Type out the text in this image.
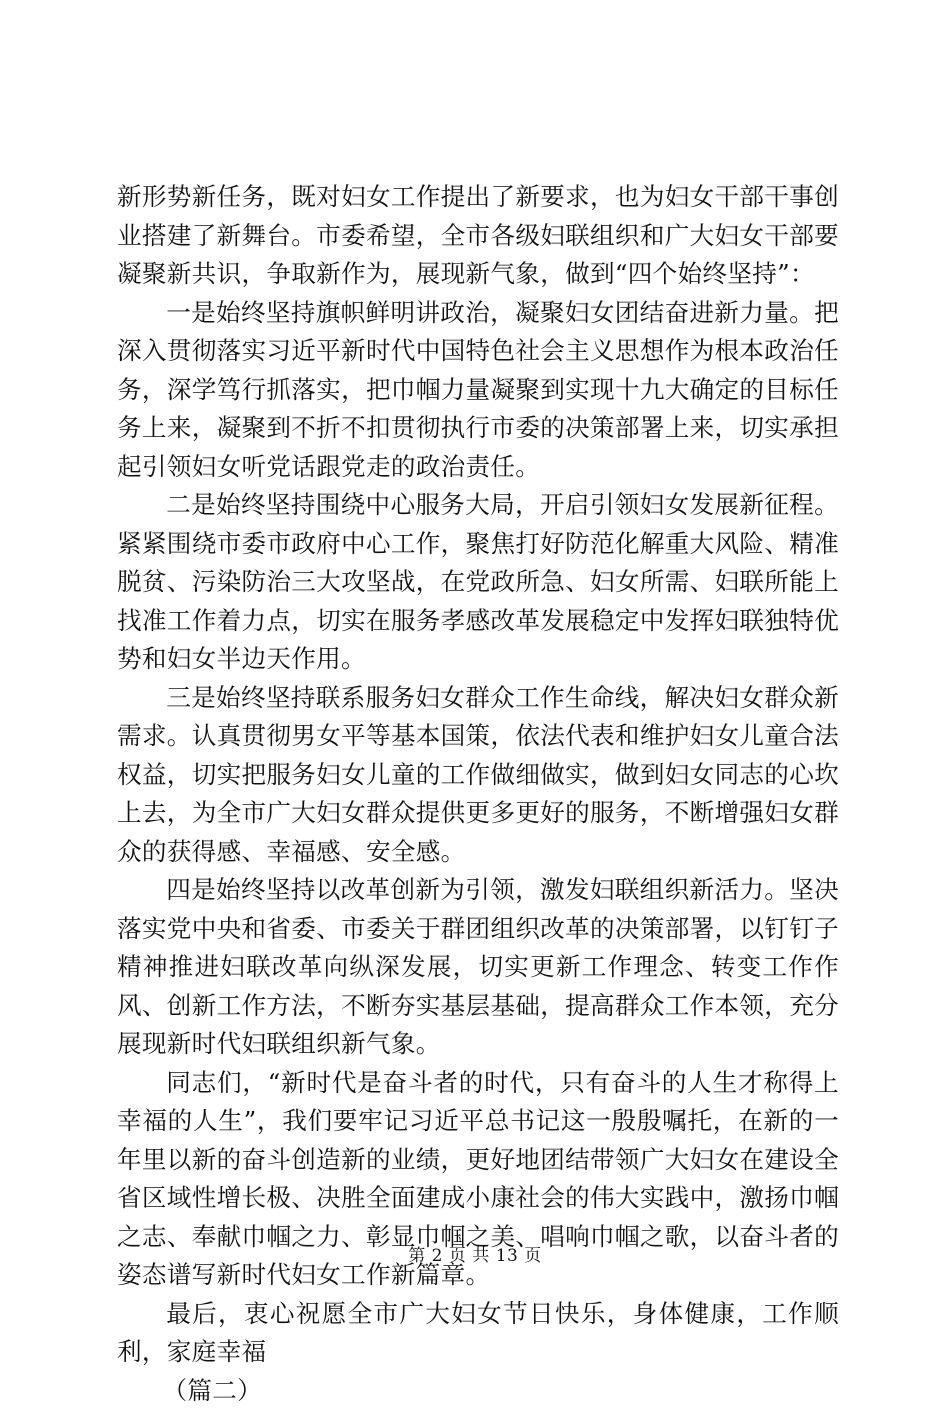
新形势新任务，既对妇女工作提出了新要求，也为妇女干部干事创业搭建了新舞台。市委希望，全市各级妇联组织和广大妇女干部要凝聚新共识，争取新作为，展现新气象，做到“四个始终坚持”：

一是始终坚持旗帜鲜明讲政治，凝聚妇女团结奋进新力量。把深入贯彻落实习近平新时代中国特色社会主义思想作为根本政治任务，深学笃行抓落实，把巾帼力量凝聚到实现十九大确定的目标任务上来，凝聚到不折不扣贯彻执行市委的决策部署上来，切实承担起引领妇女听党话跟党走的政治责任。

二是始终坚持围绕中心服务大局，开启引领妇女发展新征程。紧紧围绕市委市政府中心工作，聚焦打好防范化解重大风险、精准脱贫、污染防治三大攻坚战，在党政所急、妇女所需、妇联所能上找准工作着力点，切实在服务孝感改革发展稳定中发挥妇联独特优势和妇女半边天作用。

三是始终坚持联系服务妇女群众工作生命线，解决妇女群众新需求。认真贯彻男女平等基本国策，依法代表和维护妇女儿童合法权益，切实把服务妇女儿童的工作做细做实，做到妇女同志的心坎上去，为全市广大妇女群众提供更多更好的服务，不断增强妇女群众的获得感、幸福感、安全感。

四是始终坚持以改革创新为引领，激发妇联组织新活力。坚决落实党中央和省委、市委关于群团组织改革的决策部署，以钉钉子精神推进妇联改革向纵深发展，切实更新工作理念、转变工作作风、创新工作方法，不断夯实基层基础，提高群众工作本领，充分展现新时代妇联组织新气象。

同志们，“新时代是奋斗者的时代，只有奋斗的人生才称得上幸福的人生”，我们要牢记习近平总书记这一殷殷嘱托，在新的一年里以新的奋斗创造新的业绩，更好地团结带领广大妇女在建设全省区域性增长极、决胜全面建成小康社会的伟大实践中，激扬巾帼之志、奉献巾帼之力、彰显巾帼之美、唱响巾帼之歌，以奋斗者的姿态谱写新时代妇女工作新篇章。

最后，衷心祝愿全市广大妇女节日快乐，身体健康，工作顺利，家庭幸福

（篇二）

第 2 页 共 13 页
